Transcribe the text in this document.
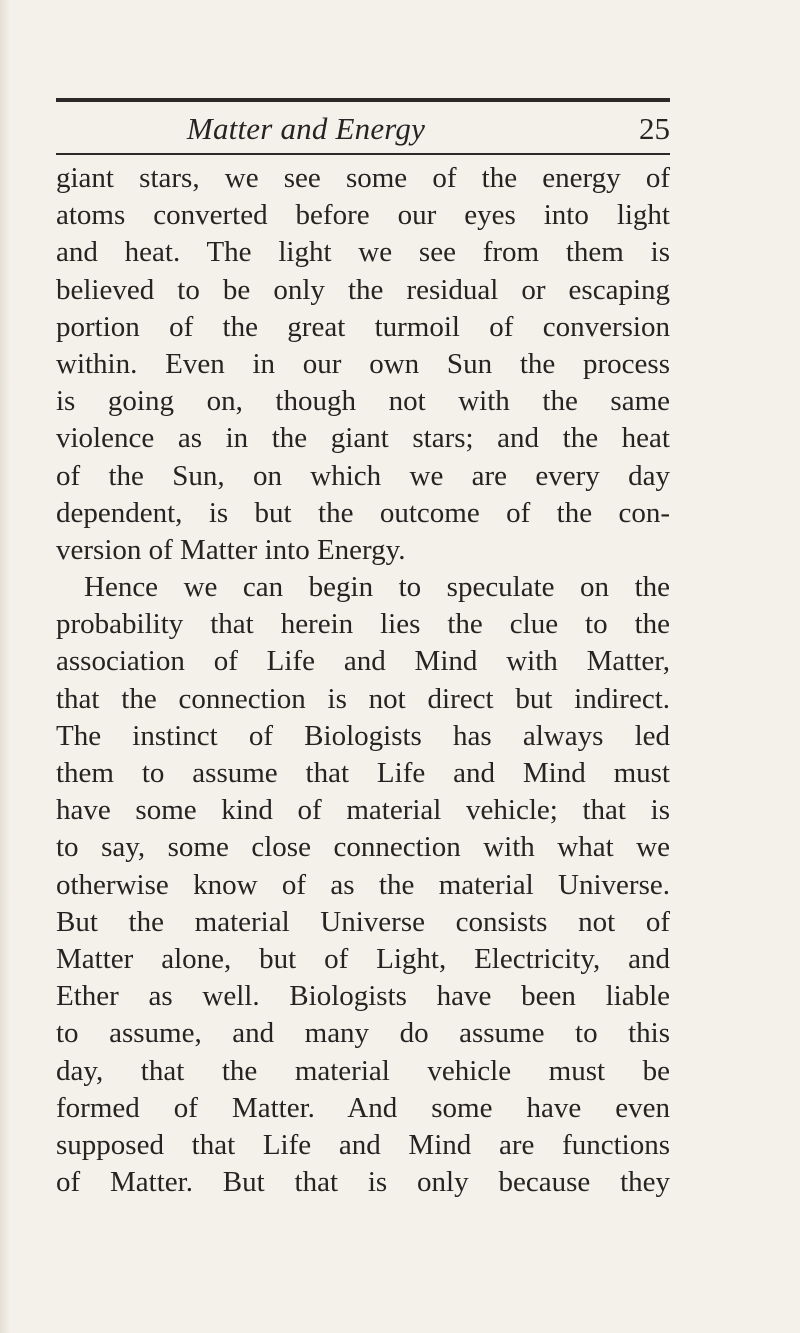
Matter and Energy	25
giant stars, we see some of the energy of
atoms converted before our eyes into light
and heat. The light we see from them is
believed to be only the residual or escaping
portion of the great turmoil of conversion
within. Even in our own Sun the process
is going on, though not with the same
violence as in the giant stars; and the heat
of the Sun, on which we are every day
dependent, is but the outcome of the con-
version of Matter into Energy.
Hence we can begin to speculate on the
probability that herein lies the clue to the
association of Life and Mind with Matter,
that the connection is not direct but indirect.
The instinct of Biologists has always led
them to assume that Life and Mind must
have some kind of material vehicle; that is
to say, some close connection with what we
otherwise know of as the material Universe.
But the material Universe consists not of
Matter alone, but of Light, Electricity, and
Ether as well. Biologists have been liable
to assume, and many do assume to this
day, that the material vehicle must be
formed of Matter. And some have even
supposed that Life and Mind are functions
of Matter. But that is only because they
